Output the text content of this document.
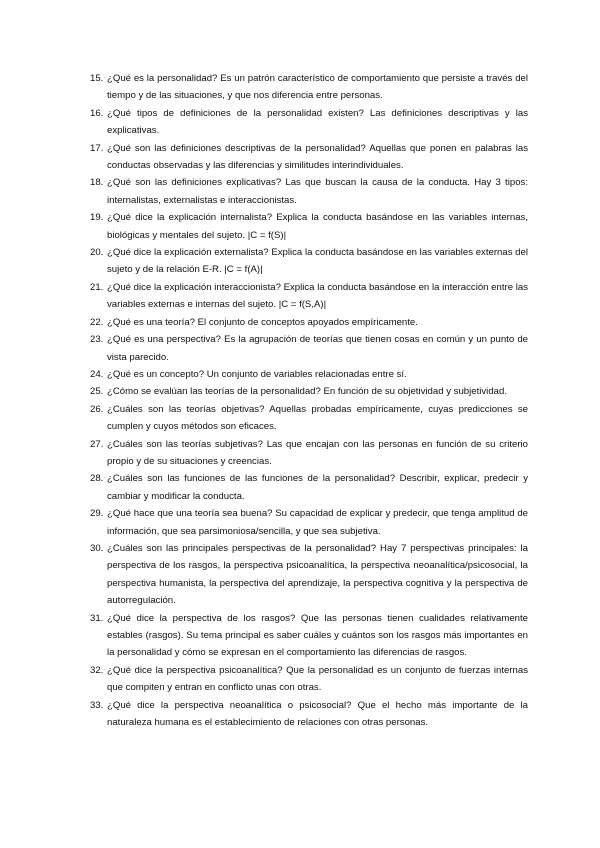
15. ¿Qué es la personalidad? Es un patrón característico de comportamiento que persiste a través del tiempo y de las situaciones, y que nos diferencia entre personas.
16. ¿Qué tipos de definiciones de la personalidad existen? Las definiciones descriptivas y las explicativas.
17. ¿Qué son las definiciones descriptivas de la personalidad? Aquellas que ponen en palabras las conductas observadas y las diferencias y similitudes interindividuales.
18. ¿Qué son las definiciones explicativas? Las que buscan la causa de la conducta. Hay 3 tipos: internalistas, externalistas e interaccionistas.
19. ¿Qué dice la explicación internalista? Explica la conducta basándose en las variables internas, biológicas y mentales del sujeto. |C = f(S)|
20. ¿Qué dice la explicación externalista? Explica la conducta basándose en las variables externas del sujeto y de la relación E-R. |C = f(A)|
21. ¿Qué dice la explicación interaccionista? Explica la conducta basándose en la interacción entre las variables externas e internas del sujeto. |C = f(S,A)|
22. ¿Qué es una teoría? El conjunto de conceptos apoyados empíricamente.
23. ¿Qué es una perspectiva? Es la agrupación de teorías que tienen cosas en común y un punto de vista parecido.
24. ¿Qué es un concepto? Un conjunto de variables relacionadas entre sí.
25. ¿Cómo se evalúan las teorías de la personalidad? En función de su objetividad y subjetividad.
26. ¿Cuáles son las teorías objetivas? Aquellas probadas empíricamente, cuyas predicciones se cumplen y cuyos métodos son eficaces.
27. ¿Cuáles son las teorías subjetivas? Las que encajan con las personas en función de su criterio propio y de su situaciones y creencias.
28. ¿Cuáles son las funciones de las funciones de la personalidad? Describir, explicar, predecir y cambiar y modificar la conducta.
29. ¿Qué hace que una teoría sea buena? Su capacidad de explicar y predecir, que tenga amplitud de información, que sea parsimoniosa/sencilla, y que sea subjetiva.
30. ¿Cuáles son las principales perspectivas de la personalidad? Hay 7 perspectivas principales: la perspectiva de los rasgos, la perspectiva psicoanalítica, la perspectiva neoanalítica/psicosocial, la perspectiva humanista, la perspectiva del aprendizaje, la perspectiva cognitiva y la perspectiva de autorregulación.
31. ¿Qué dice la perspectiva de los rasgos? Que las personas tienen cualidades relativamente estables (rasgos). Su tema principal es saber cuáles y cuántos son los rasgos más importantes en la personalidad y cómo se expresan en el comportamiento las diferencias de rasgos.
32. ¿Qué dice la perspectiva psicoanalítica? Que la personalidad es un conjunto de fuerzas internas que compiten y entran en conflicto unas con otras.
33. ¿Qué dice la perspectiva neoanalítica o psicosocial? Que el hecho más importante de la naturaleza humana es el establecimiento de relaciones con otras personas.
